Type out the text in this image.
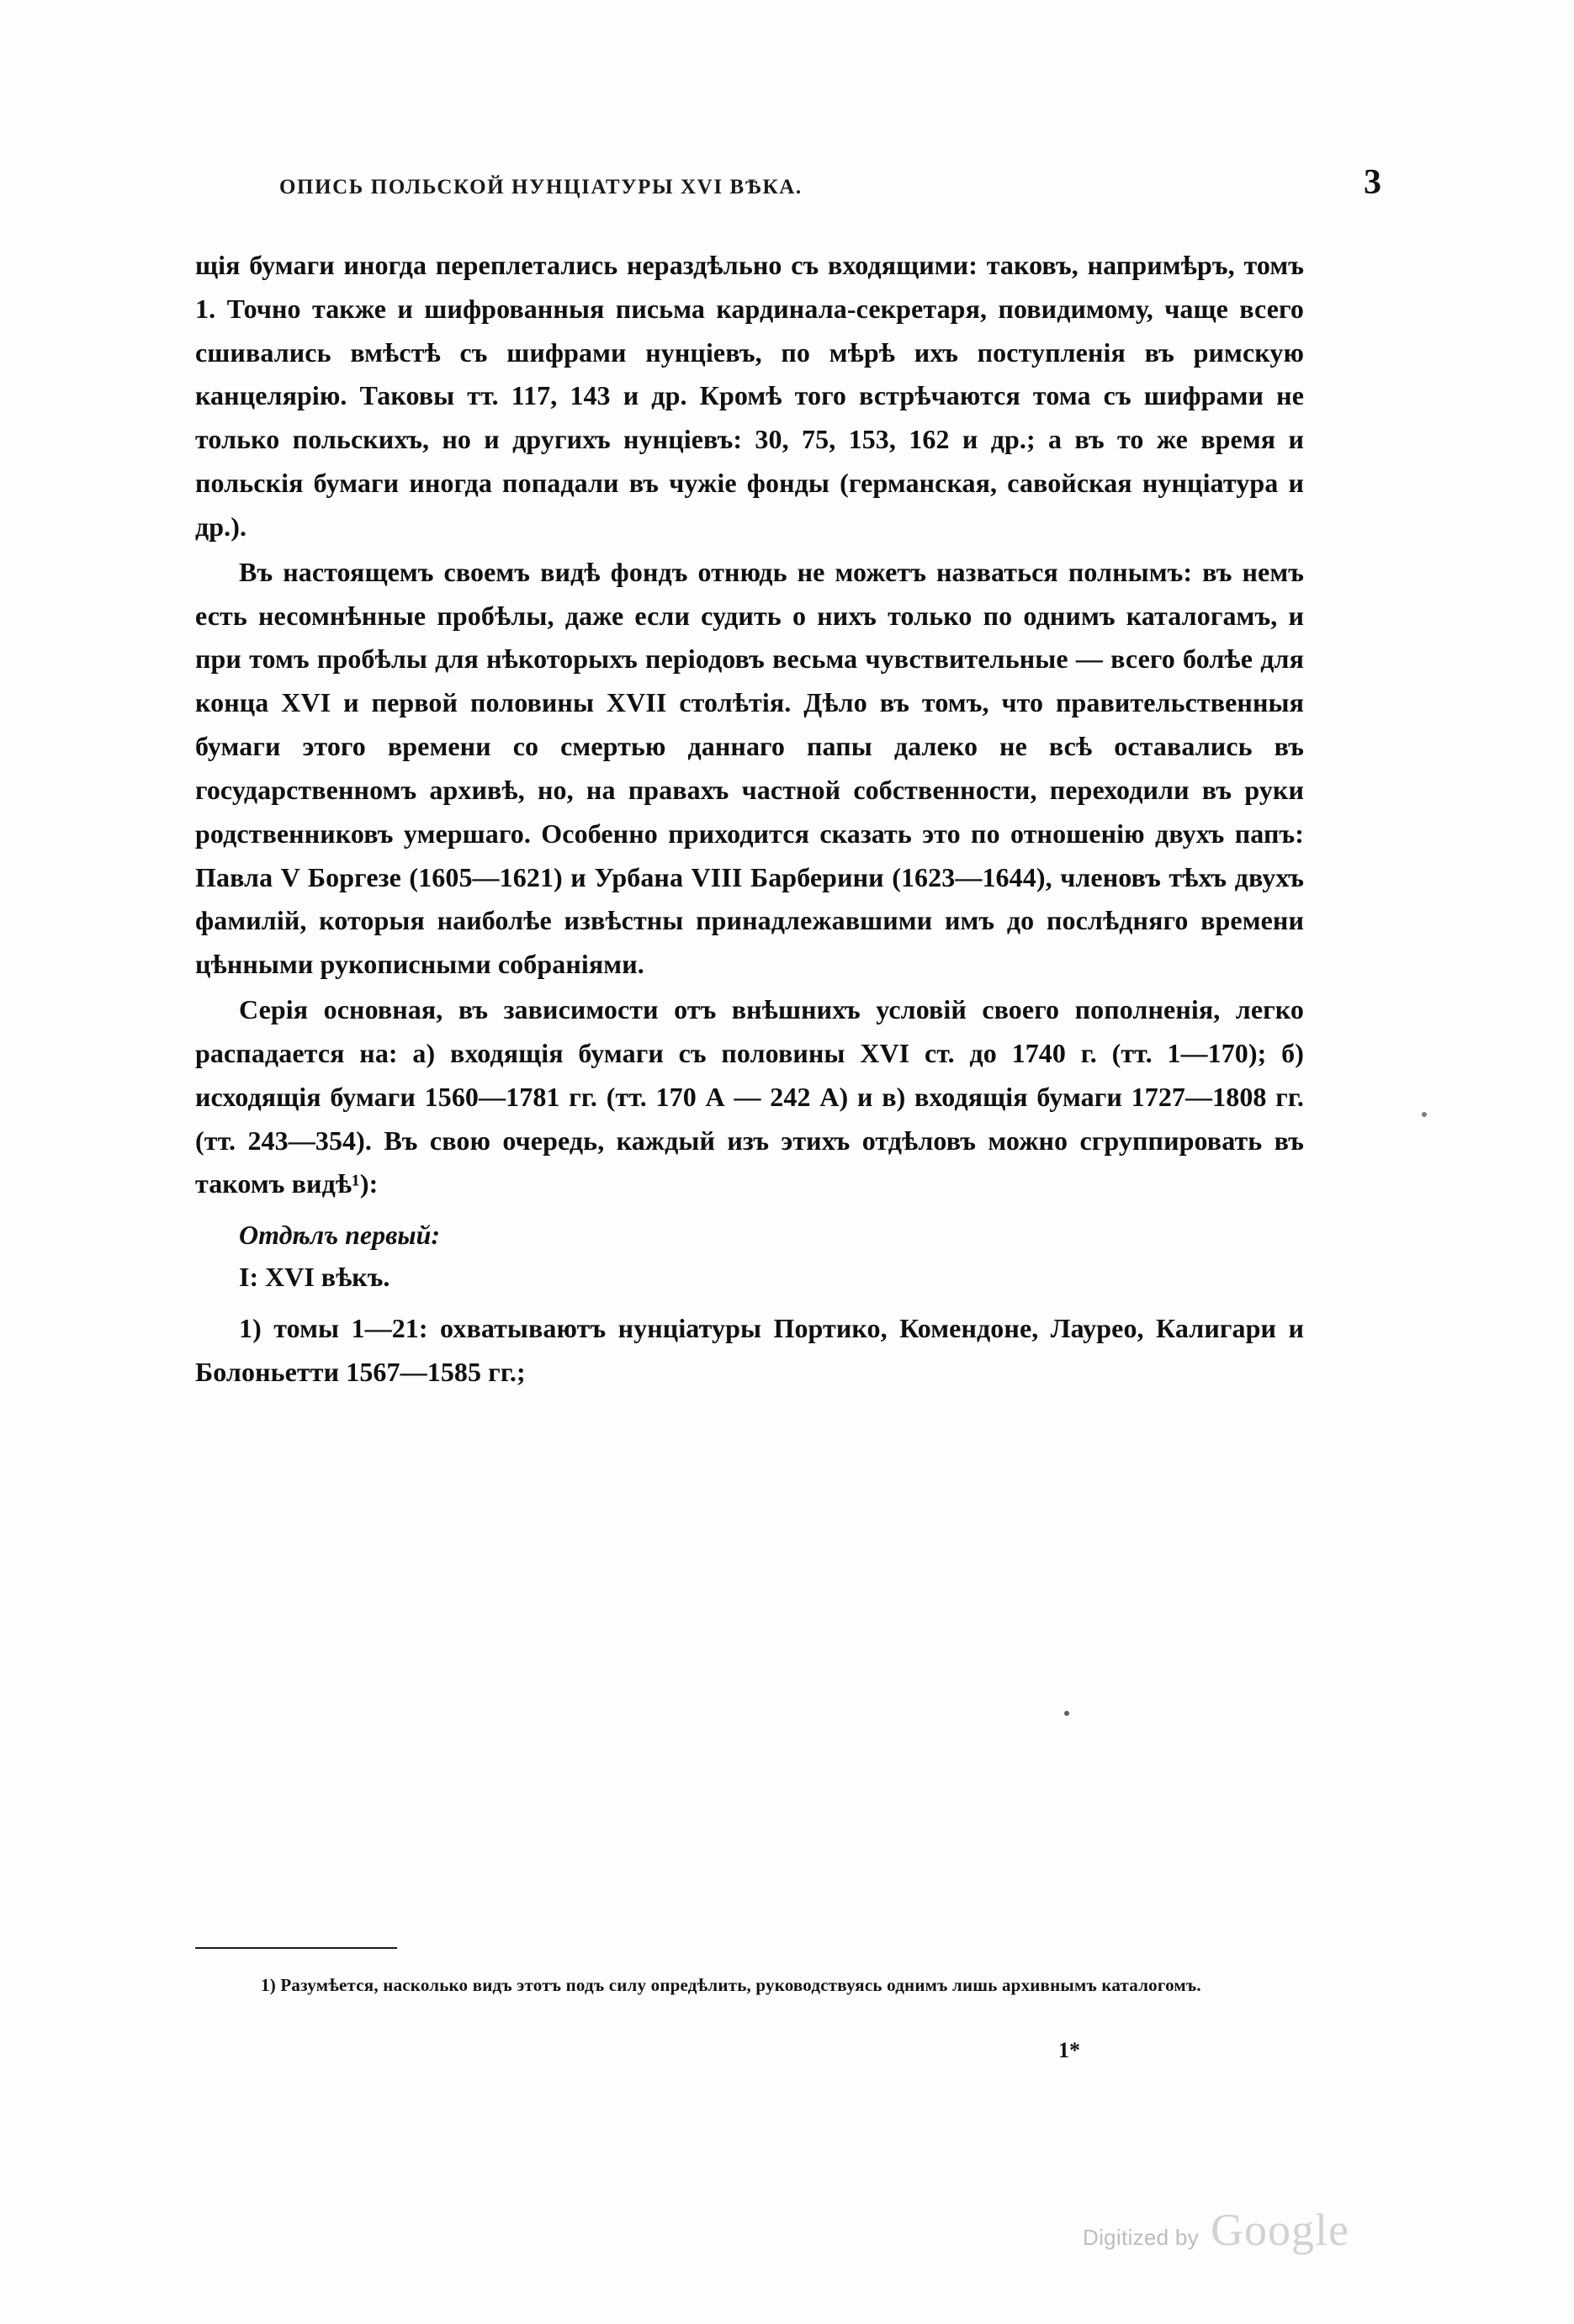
ОПИСЬ ПОЛЬСКОЙ НУНЦІАТУРЫ XVI ВѢКА.	3

щія бумаги иногда переплетались нераздѣльно съ входящими: таковъ, напримѣръ, томъ 1. Точно также и шифрованныя письма кардинала-секретаря, повидимому, чаще всего сшивались вмѣстѣ съ шифрами нунціевъ, по мѣрѣ ихъ поступленія въ римскую канцелярію. Таковы тт. 117, 143 и др. Кромѣ того встрѣчаются тома съ шифрами не только польскихъ, но и другихъ нунціевъ: 30, 75, 153, 162 и др.; а въ то же время и польскія бумаги иногда попадали въ чужіе фонды (германская, савойская нунціатура и др.).

Въ настоящемъ своемъ видѣ фондъ отнюдь не можетъ назваться полнымъ: въ немъ есть несомнѣнные пробѣлы, даже если судить о нихъ только по однимъ каталогамъ, и при томъ пробѣлы для нѣкоторыхъ періодовъ весьма чувствительные — всего болѣе для конца XVI и первой половины XVII столѣтія. Дѣло въ томъ, что правительственныя бумаги этого времени со смертью даннаго папы далеко не всѣ оставались въ государственномъ архивѣ, но, на правахъ частной собственности, переходили въ руки родственниковъ умершаго. Особенно приходится сказать это по отношенію двухъ папъ: Павла V Боргезе (1605—1621) и Урбана VIII Барберини (1623—1644), членовъ тѣхъ двухъ фамилій, которыя наиболѣе извѣстны принадлежавшими имъ до послѣдняго времени цѣнными рукописными собраніями.

Серія основная, въ зависимости отъ внѣшнихъ условій своего пополненія, легко распадается на: а) входящія бумаги съ половины XVI ст. до 1740 г. (тт. 1—170); б) исходящія бумаги 1560—1781 гг. (тт. 170 А — 242 А) и в) входящія бумаги 1727—1808 гг. (тт. 243—354). Въ свою очередь, каждый изъ этихъ отдѣловъ можно сгруппировать въ такомъ видѣ¹):

Отдѣлъ первый:
I: XVI вѣкъ.

1) томы 1—21: охватываютъ нунціатуры Портико, Комендоне, Лауреo, Калигари и Болоньетти 1567—1585 гг.;

1) Разумѣется, насколько видъ этотъ подъ силу опредѣлить, руководствуясь однимъ лишь архивнымъ каталогомъ.
1*
Digitized by Google
